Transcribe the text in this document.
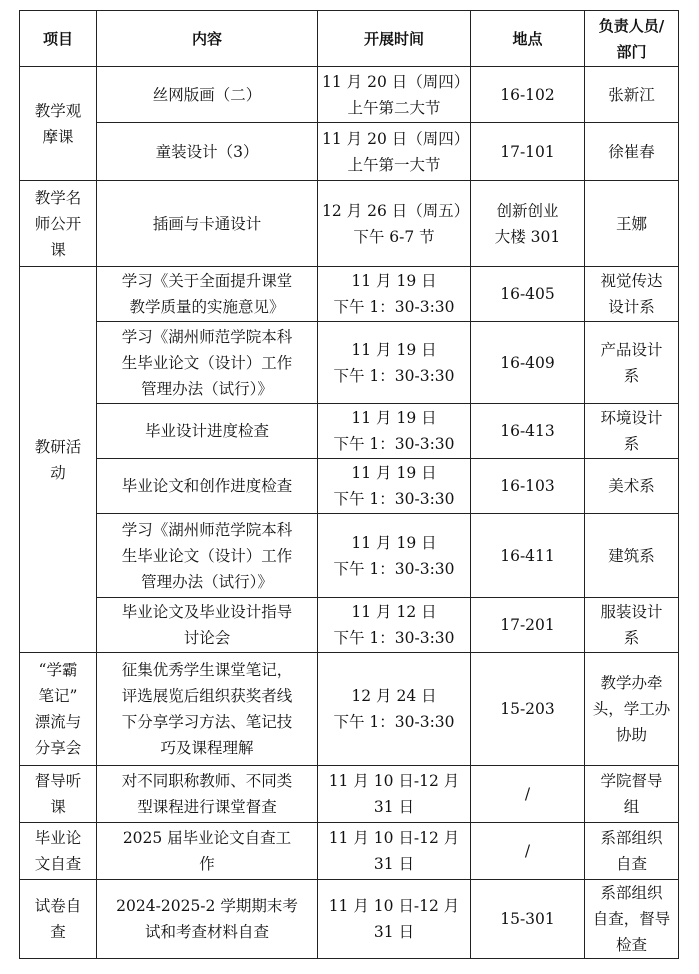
项目	内容	开展时间	地点	负责人员/
部门

教学观
摩课	丝网版画（二）	11 月 20 日（周四）
上午第二大节	16-102	张新江

	童装设计（3）	11 月 20 日（周四）
上午第一大节	17-101	徐崔春

教学名
师公开
课	插画与卡通设计	12 月 26 日（周五）
下午 6-7 节	创新创业
大楼 301	王娜

教研活
动	学习《关于全面提升课堂
教学质量的实施意见》	11 月 19 日
下午 1：30-3:30	16-405	视觉传达
设计系

	学习《湖州师范学院本科
生毕业论文（设计）工作
管理办法（试行）》	11 月 19 日
下午 1：30-3:30	16-409	产品设计
系

	毕业设计进度检查	11 月 19 日
下午 1：30-3:30	16-413	环境设计
系

	毕业论文和创作进度检查	11 月 19 日
下午 1：30-3:30	16-103	美术系

	学习《湖州师范学院本科
生毕业论文（设计）工作
管理办法（试行）》	11 月 19 日
下午 1：30-3:30	16-411	建筑系

	毕业论文及毕业设计指导
讨论会	11 月 12 日
下午 1：30-3:30	17-201	服装设计
系

“学霸
笔记”
漂流与
分享会	征集优秀学生课堂笔记，
评选展览后组织获奖者线
下分享学习方法、笔记技
巧及课程理解	12 月 24 日
下午 1：30-3:30	15-203	教学办牵
头，学工办
协助

督导听
课	对不同职称教师、不同类
型课程进行课堂督查	11 月 10 日-12 月
31 日	/	学院督导
组

毕业论
文自查	2025 届毕业论文自查工
作	11 月 10 日-12 月
31 日	/	系部组织
自查

试卷自
查	2024-2025-2 学期期末考
试和考查材料自查	11 月 10 日-12 月
31 日	15-301	系部组织
自查，督导
检查
